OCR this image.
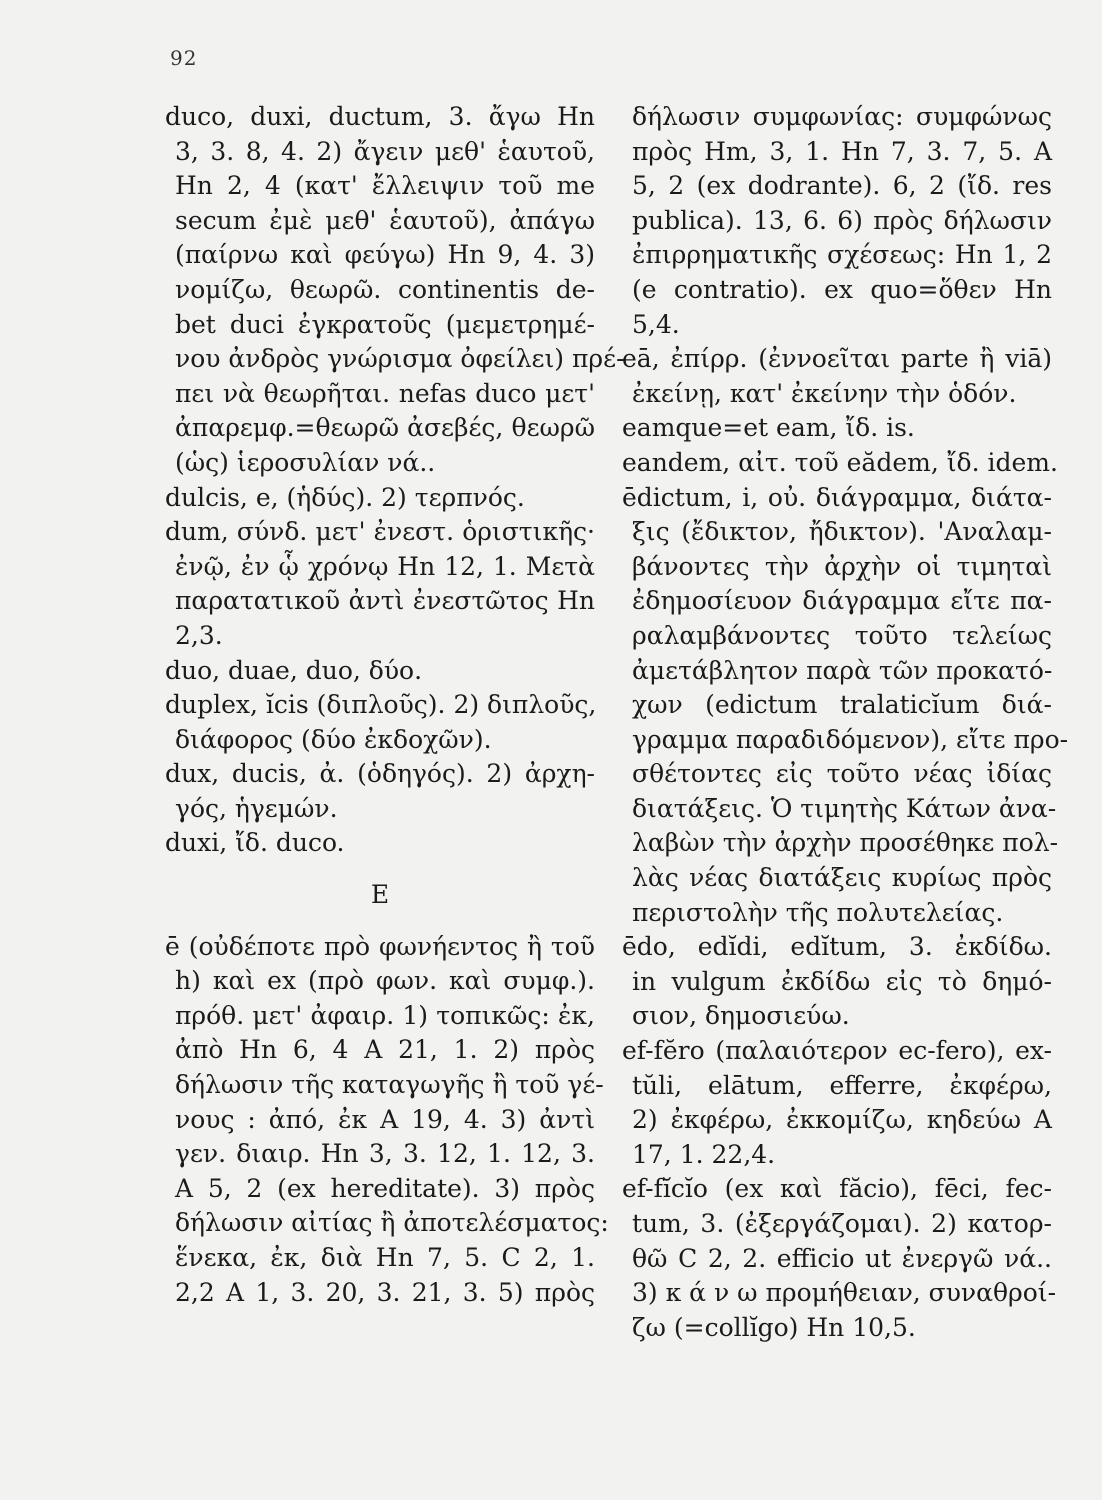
92
duco, duxi, ductum, 3. ἄγω Hn
3, 3. 8, 4. 2) ἄγειν μεθ' ἑαυτοῦ,
Hn 2, 4 (κατ' ἔλλειψιν τοῦ me
secum ἐμὲ μεθ' ἑαυτοῦ), ἀπάγω
(παίρνω καὶ φεύγω) Hn 9, 4. 3)
νομίζω, θεωρῶ. continentis de-
bet duci ἐγκρατοῦς (μεμετρημέ-
νου ἀνδρὸς γνώρισμα ὀφείλει) πρέ-
πει νὰ θεωρῆται. nefas duco μετ'
ἀπαρεμφ.=θεωρῶ ἀσεβές, θεωρῶ
(ὡς) ἱεροσυλίαν νά..
dulcis, e, (ἡδύς). 2) τερπνός.
dum, σύνδ. μετ' ἐνεστ. ὁριστικῆς·
ἐνῷ, ἐν ᾧ χρόνῳ Hn 12, 1. Μετὰ
παρατατικοῦ ἀντὶ ἐνεστῶτος Hn
2,3.
duo, duae, duo, δύο.
duplex, ĭcis (διπλοῦς). 2) διπλοῦς,
διάφορος (δύο ἐκδοχῶν).
dux, ducis, ἀ. (ὁδηγός). 2) ἀρχη-
γός, ἡγεμών.
duxi, ἴδ. duco.
E
ē (οὐδέποτε πρὸ φωνήεντος ἢ τοῦ
h) καὶ ex (πρὸ φων. καὶ συμφ.).
πρόθ. μετ' ἀφαιρ. 1) τοπικῶς: ἐκ,
ἀπὸ Hn 6, 4 A 21, 1. 2) πρὸς
δήλωσιν τῆς καταγωγῆς ἢ τοῦ γέ-
νους : ἀπό, ἐκ A 19, 4. 3) ἀντὶ
γεν. διαιρ. Hn 3, 3. 12, 1. 12, 3.
A 5, 2 (ex hereditate). 3) πρὸς
δήλωσιν αἰτίας ἢ ἀποτελέσματος:
ἕνεκα, ἐκ, διὰ Hn 7, 5. C 2, 1.
2,2 A 1, 3. 20, 3. 21, 3. 5) πρὸς
δήλωσιν συμφωνίας: συμφώνως
πρὸς Hm, 3, 1. Hn 7, 3. 7, 5. A
5, 2 (ex dodrante). 6, 2 (ἴδ. res
publica). 13, 6. 6) πρὸς δήλωσιν
ἐπιρρηματικῆς σχέσεως: Hn 1, 2
(e contratio). ex quo=ὅθεν Hn
5,4.
eā, ἐπίρρ. (ἐννοεῖται parte ἢ viā)
ἐκείνῃ, κατ' ἐκείνην τὴν ὁδόν.
eamque=et eam, ἴδ. is.
eandem, αἰτ. τοῦ eădem, ἴδ. idem.
ēdictum, i, οὐ. διάγραμμα, διάτα-
ξις (ἔδικτον, ἤδικτον). 'Αναλαμ-
βάνοντες τὴν ἀρχὴν οἱ τιμηταὶ
ἐδημοσίευον διάγραμμα εἴτε πα-
ραλαμβάνοντες τοῦτο τελείως
ἀμετάβλητον παρὰ τῶν προκατό-
χων (edictum tralaticĭum διά-
γραμμα παραδιδόμενον), εἴτε προ-
σθέτοντες εἰς τοῦτο νέας ἰδίας
διατάξεις. Ὁ τιμητὴς Κάτων ἀνα-
λαβὼν τὴν ἀρχὴν προσέθηκε πολ-
λὰς νέας διατάξεις κυρίως πρὸς
περιστολὴν τῆς πολυτελείας.
ēdo, edĭdi, edĭtum, 3. ἐκδίδω.
in vulgum ἐκδίδω εἰς τὸ δημό-
σιον, δημοσιεύω.
ef-fĕro (παλαιότερον ec-fero), ex-
tŭli, elātum, efferre, ἐκφέρω,
2) ἐκφέρω, ἐκκομίζω, κηδεύω A
17, 1. 22,4.
ef-fĭcĭo (ex καὶ făcio), fēci, fec-
tum, 3. (ἐξεργάζομαι). 2) κατορ-
θῶ C 2, 2. efficio ut ἐνεργῶ νά..
3) κ ά ν ω προμήθειαν, συναθροί-
ζω (=collĭgo) Hn 10,5.
